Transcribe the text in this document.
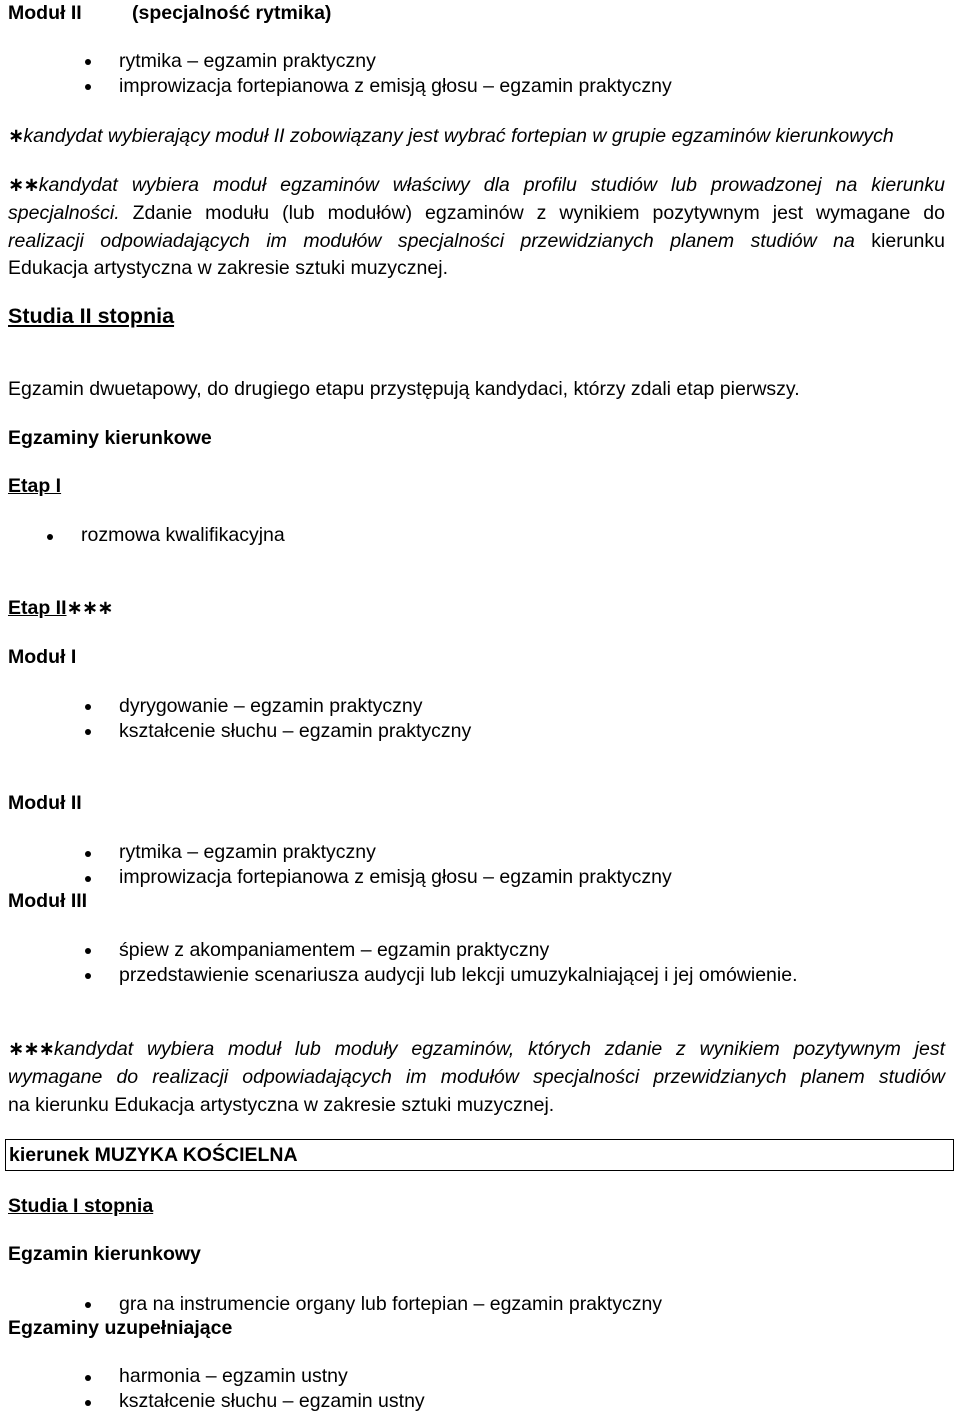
Moduł II	(specjalność rytmika)
rytmika – egzamin praktyczny
improwizacja fortepianowa z emisją głosu – egzamin praktyczny
∗kandydat wybierający moduł II zobowiązany jest wybrać fortepian w grupie egzaminów kierunkowych
∗∗kandydat wybiera moduł egzaminów właściwy dla profilu studiów lub prowadzonej na kierunku
specjalności. Zdanie modułu (lub modułów) egzaminów z wynikiem pozytywnym jest wymagane do
realizacji odpowiadających im modułów specjalności przewidzianych planem studiów na kierunku
Edukacja artystyczna w zakresie sztuki muzycznej.
Studia II stopnia
Egzamin dwuetapowy, do drugiego etapu przystępują kandydaci, którzy zdali etap pierwszy.
Egzaminy kierunkowe
Etap I
rozmowa kwalifikacyjna
Etap II∗∗∗
Moduł I
dyrygowanie – egzamin praktyczny
kształcenie słuchu – egzamin praktyczny
Moduł II
rytmika – egzamin praktyczny
improwizacja fortepianowa z emisją głosu – egzamin praktyczny
Moduł III
śpiew z akompaniamentem – egzamin praktyczny
przedstawienie scenariusza audycji lub lekcji umuzykalniającej i jej omówienie.
∗∗∗kandydat wybiera moduł lub moduły egzaminów, których zdanie z wynikiem pozytywnym jest
wymagane do realizacji odpowiadających im modułów specjalności przewidzianych planem studiów
na kierunku Edukacja artystyczna w zakresie sztuki muzycznej.
kierunek MUZYKA KOŚCIELNA
Studia I stopnia
Egzamin kierunkowy
gra na instrumencie organy lub fortepian – egzamin praktyczny
Egzaminy uzupełniające
harmonia – egzamin ustny
kształcenie słuchu – egzamin ustny
